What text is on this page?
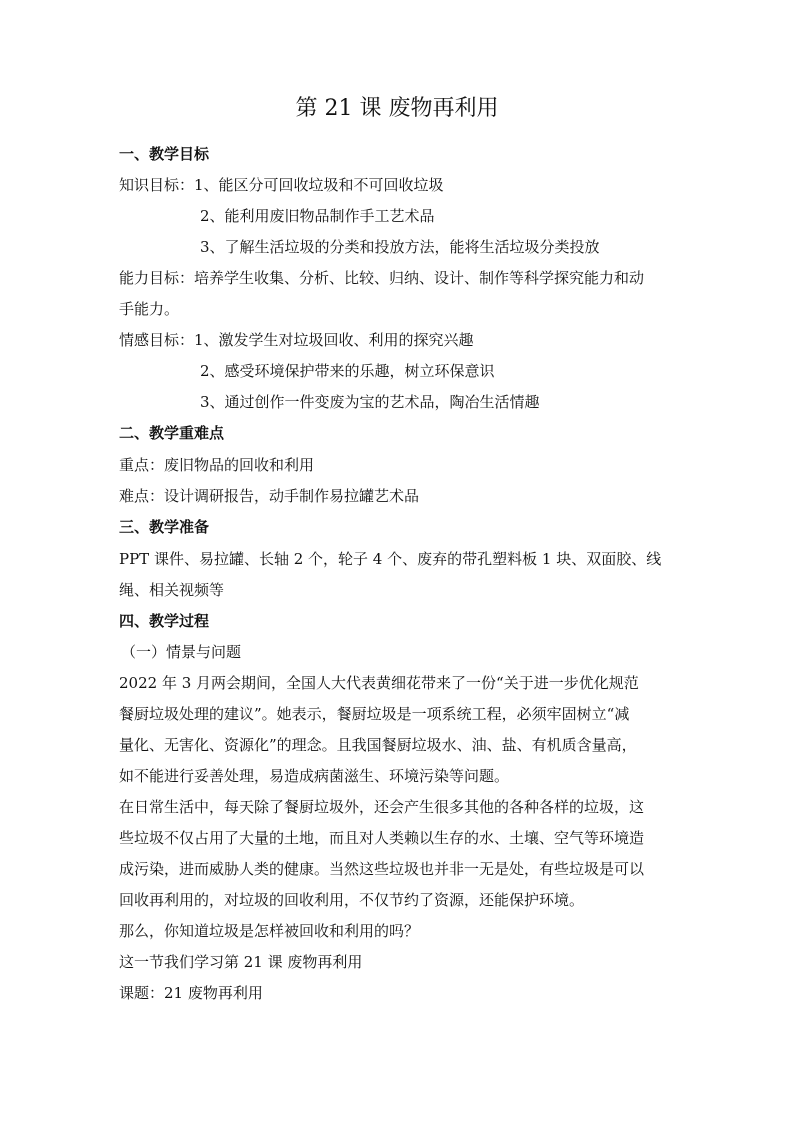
第 21 课 废物再利用
一、教学目标
知识目标：1、能区分可回收垃圾和不可回收垃圾
2、能利用废旧物品制作手工艺术品
3、了解生活垃圾的分类和投放方法，能将生活垃圾分类投放
能力目标：培养学生收集、分析、比较、归纳、设计、制作等科学探究能力和动
手能力。
情感目标：1、激发学生对垃圾回收、利用的探究兴趣
2、感受环境保护带来的乐趣，树立环保意识
3、通过创作一件变废为宝的艺术品，陶冶生活情趣
二、教学重难点
重点：废旧物品的回收和利用
难点：设计调研报告，动手制作易拉罐艺术品
三、教学准备
PPT 课件、易拉罐、长轴 2 个，轮子 4 个、废弃的带孔塑料板 1 块、双面胶、线
绳、相关视频等
四、教学过程
（一）情景与问题
2022 年 3 月两会期间，全国人大代表黄细花带来了一份“关于进一步优化规范
餐厨垃圾处理的建议”。她表示，餐厨垃圾是一项系统工程，必须牢固树立“减
量化、无害化、资源化”的理念。且我国餐厨垃圾水、油、盐、有机质含量高，
如不能进行妥善处理，易造成病菌滋生、环境污染等问题。
在日常生活中，每天除了餐厨垃圾外，还会产生很多其他的各种各样的垃圾，这
些垃圾不仅占用了大量的土地，而且对人类赖以生存的水、土壤、空气等环境造
成污染，进而威胁人类的健康。当然这些垃圾也并非一无是处，有些垃圾是可以
回收再利用的，对垃圾的回收利用，不仅节约了资源，还能保护环境。
那么，你知道垃圾是怎样被回收和利用的吗？
这一节我们学习第 21 课 废物再利用
课题：21 废物再利用
